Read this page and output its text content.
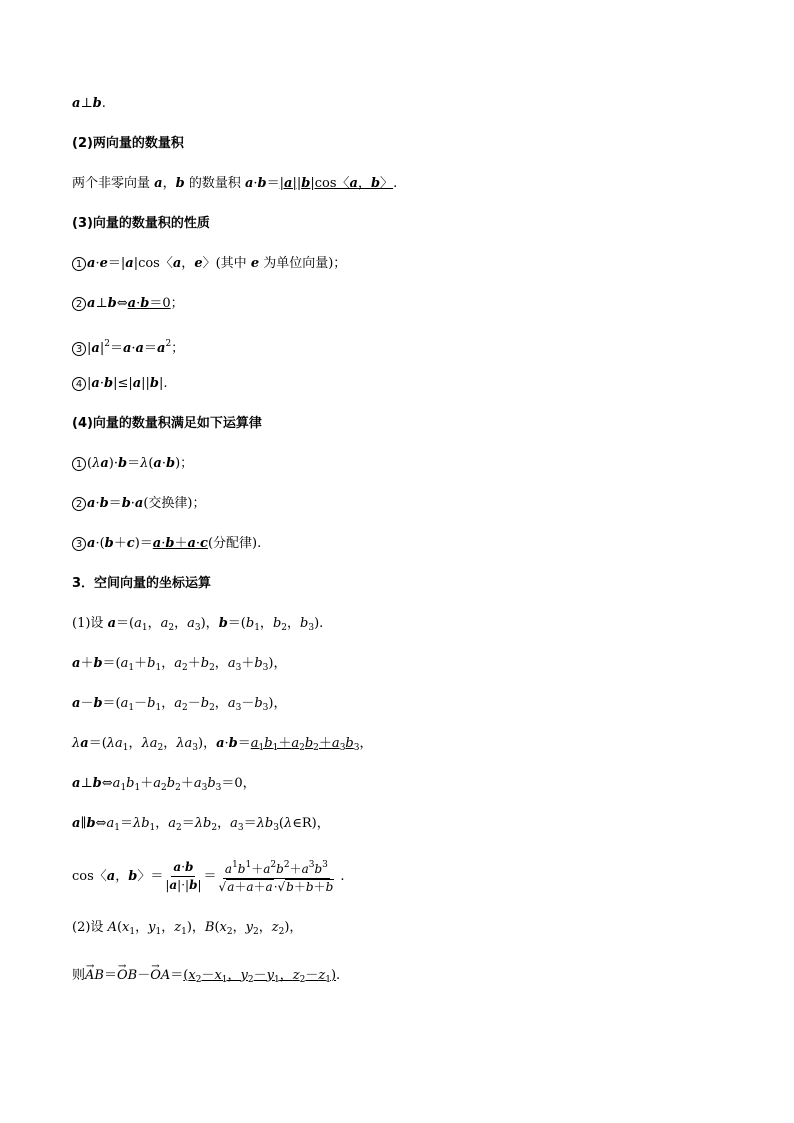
a⊥b.
(2)两向量的数量积
两个非零向量 a，b 的数量积 a·b＝|a||b|cos〈a，b〉.
(3)向量的数量积的性质
1 a·e＝|a|cos〈a，e〉(其中 e 为单位向量)；
2 a⊥b⇔a·b＝0；
3 $|a|^2=a\cdot a=a^2$；
4 |a·b|≤|a||b|.
(4)向量的数量积满足如下运算律
1 (λa)·b＝λ(a·b)；
2 a·b＝b·a(交换律)；
3 a·(b＋c)＝a·b＋a·c(分配律).
3．空间向量的坐标运算
(1)设 $a=(a_1$，$a_2$，$a_3$)，$b=(b_1$，$b_2$，$b_3$).
$a+b=(a_1+b_1$，$a_2+b_2$，$a_3+b_3$)，
$a-b=(a_1-b_1$，$a_2-b_2$，$a_3-b_3$)，
$\lambda a=(\lambda a_1$，$\lambda a_2$，$\lambda a_3$)，$a\cdot b=a_1b_1+a_2b_2+a_3b_3$，
$a\perp b\Leftrightarrow a_1b_1+a_2b_2+a_3b_3=0$，
$a\parallel b\Leftrightarrow a_1=\lambda b_1$，$a_2=\lambda b_2$，$a_3=\lambda b_3(\lambda\in R)$，
cos〈a，b〉＝ $\frac{a\cdot b}{|a|\cdot|b|} = \frac{a^1b^1+a^2b^2+a^3b^3}{√a+a+a\cdot√b+b+b}$ .
(2)设 $A(x_1$，$y_1$，$z_1$)，$B(x_2$，$y_2$，$z_2$)，
则→ $AB=\to OB-\to OA=(x_2-x_1$，$y_2-y_1$，$z_2-z_1$).
